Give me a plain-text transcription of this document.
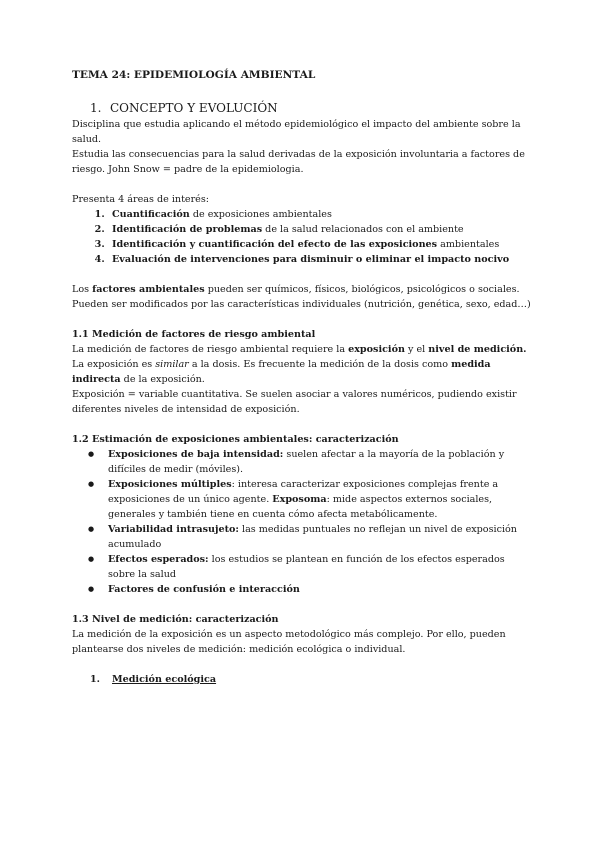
TEMA 24: EPIDEMIOLOGÍA AMBIENTAL

1. CONCEPTO Y EVOLUCIÓN

Disciplina que estudia aplicando el método epidemiológico el impacto del ambiente sobre la salud.

Estudia las consecuencias para la salud derivadas de la exposición involuntaria a factores de riesgo. John Snow = padre de la epidemiologia.

Presenta 4 áreas de interés:

1. Cuantificación de exposiciones ambientales
2. Identificación de problemas de la salud relacionados con el ambiente
3. Identificación y cuantificación del efecto de las exposiciones ambientales
4. Evaluación de intervenciones para disminuir o eliminar el impacto nocivo

Los factores ambientales pueden ser químicos, físicos, biológicos, psicológicos o sociales. Pueden ser modificados por las características individuales (nutrición, genética, sexo, edad…)

1.1 Medición de factores de riesgo ambiental

La medición de factores de riesgo ambiental requiere la exposición y el nivel de medición.

La exposición es similar a la dosis. Es frecuente la medición de la dosis como medida indirecta de la exposición.

Exposición = variable cuantitativa. Se suelen asociar a valores numéricos, pudiendo existir diferentes niveles de intensidad de exposición.

1.2 Estimación de exposiciones ambientales: caracterización

● Exposiciones de baja intensidad: suelen afectar a la mayoría de la población y difíciles de medir (móviles).
● Exposiciones múltiples: interesa caracterizar exposiciones complejas frente a exposiciones de un único agente. Exposoma: mide aspectos externos sociales, generales y también tiene en cuenta cómo afecta metabólicamente.
● Variabilidad intrasujeto: las medidas puntuales no reflejan un nivel de exposición acumulado
● Efectos esperados: los estudios se plantean en función de los efectos esperados sobre la salud
● Factores de confusión e interacción

1.3 Nivel de medición: caracterización

La medición de la exposición es un aspecto metodológico más complejo. Por ello, pueden plantearse dos niveles de medición: medición ecológica o individual.

1. Medición ecológica
